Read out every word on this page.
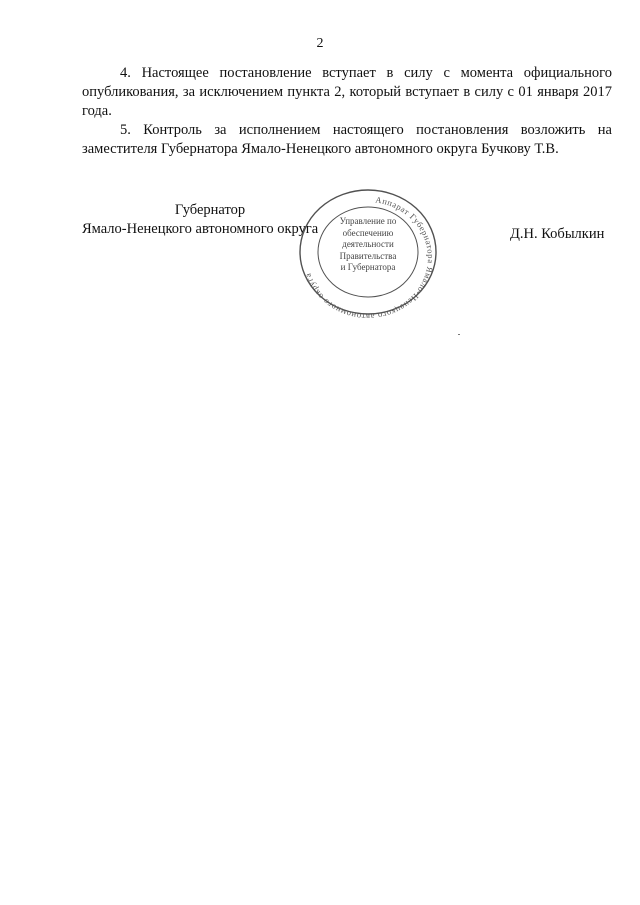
2

4. Настоящее постановление вступает в силу с момента официального опубликования, за исключением пункта 2, который вступает в силу с 01 января 2017 года.

5. Контроль за исполнением настоящего постановления возложить на заместителя Губернатора Ямало-Ненецкого автономного округа Бучкову Т.В.

Губернатор
Ямало-Ненецкого автономного округа	Д.Н. Кобылкин
Аппарат Губернатора Ямало-Ненецкого автономного округа
Управление по
обеспечению
деятельности
Правительства
и Губернатора
